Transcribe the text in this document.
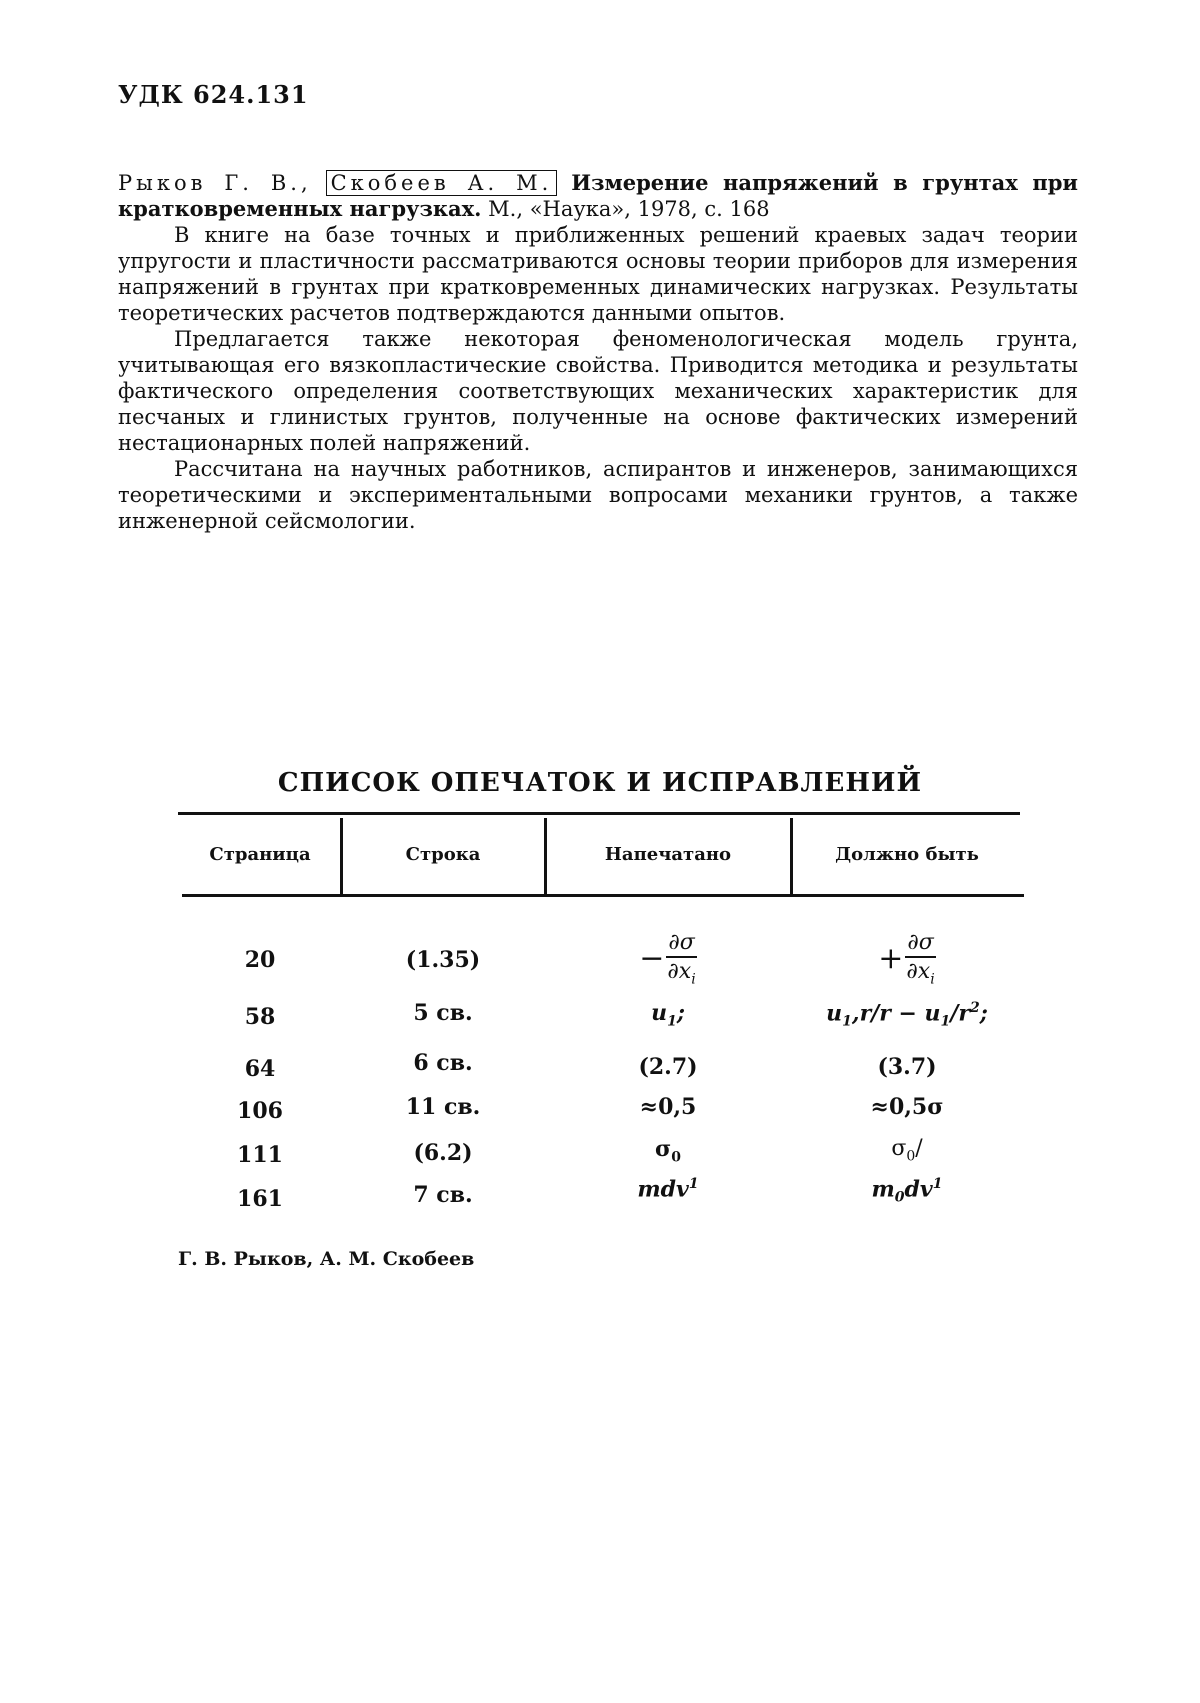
УДК 624.131

Рыков Г. В., Скобеев А. М. Измерение напряжений в грунтах при кратковременных нагрузках. М., «Наука», 1978, с. 168

В книге на базе точных и приближенных решений краевых задач теории упругости и пластичности рассматриваются основы теории приборов для измерения напряжений в грунтах при кратковременных динамических нагрузках. Результаты теоретических расчетов подтверждаются данными опытов.

Предлагается также некоторая феноменологическая модель грунта, учитывающая его вязкопластические свойства. Приводится методика и результаты фактического определения соответствующих механических характеристик для песчаных и глинистых грунтов, полученные на основе фактических измерений нестационарных полей напряжений.

Рассчитана на научных работников, аспирантов и инженеров, занимающихся теоретическими и экспериментальными вопросами механики грунтов, а также инженерной сейсмологии.

СПИСОК ОПЕЧАТОК И ИСПРАВЛЕНИЙ
Страница	Строка	Напечатано	Должно быть
20	(1.35)	− $\frac{\partial\sigma}{\partial x_i}$	+ $\frac{\partial\sigma}{\partial x_i}$
58	5 св.	$u_1$;	$u_1,r/r - u_1/r^2$;
64	6 св.	(2.7)	(3.7)
106	11 св.	≈0,5	≈0,5σ
111	(6.2)	$\sigma_0$	$\sigma_0/$
161	7 св.	mdv$^1$	$m_0dv^1$
Г. В. Рыков, А. М. Скобеев
